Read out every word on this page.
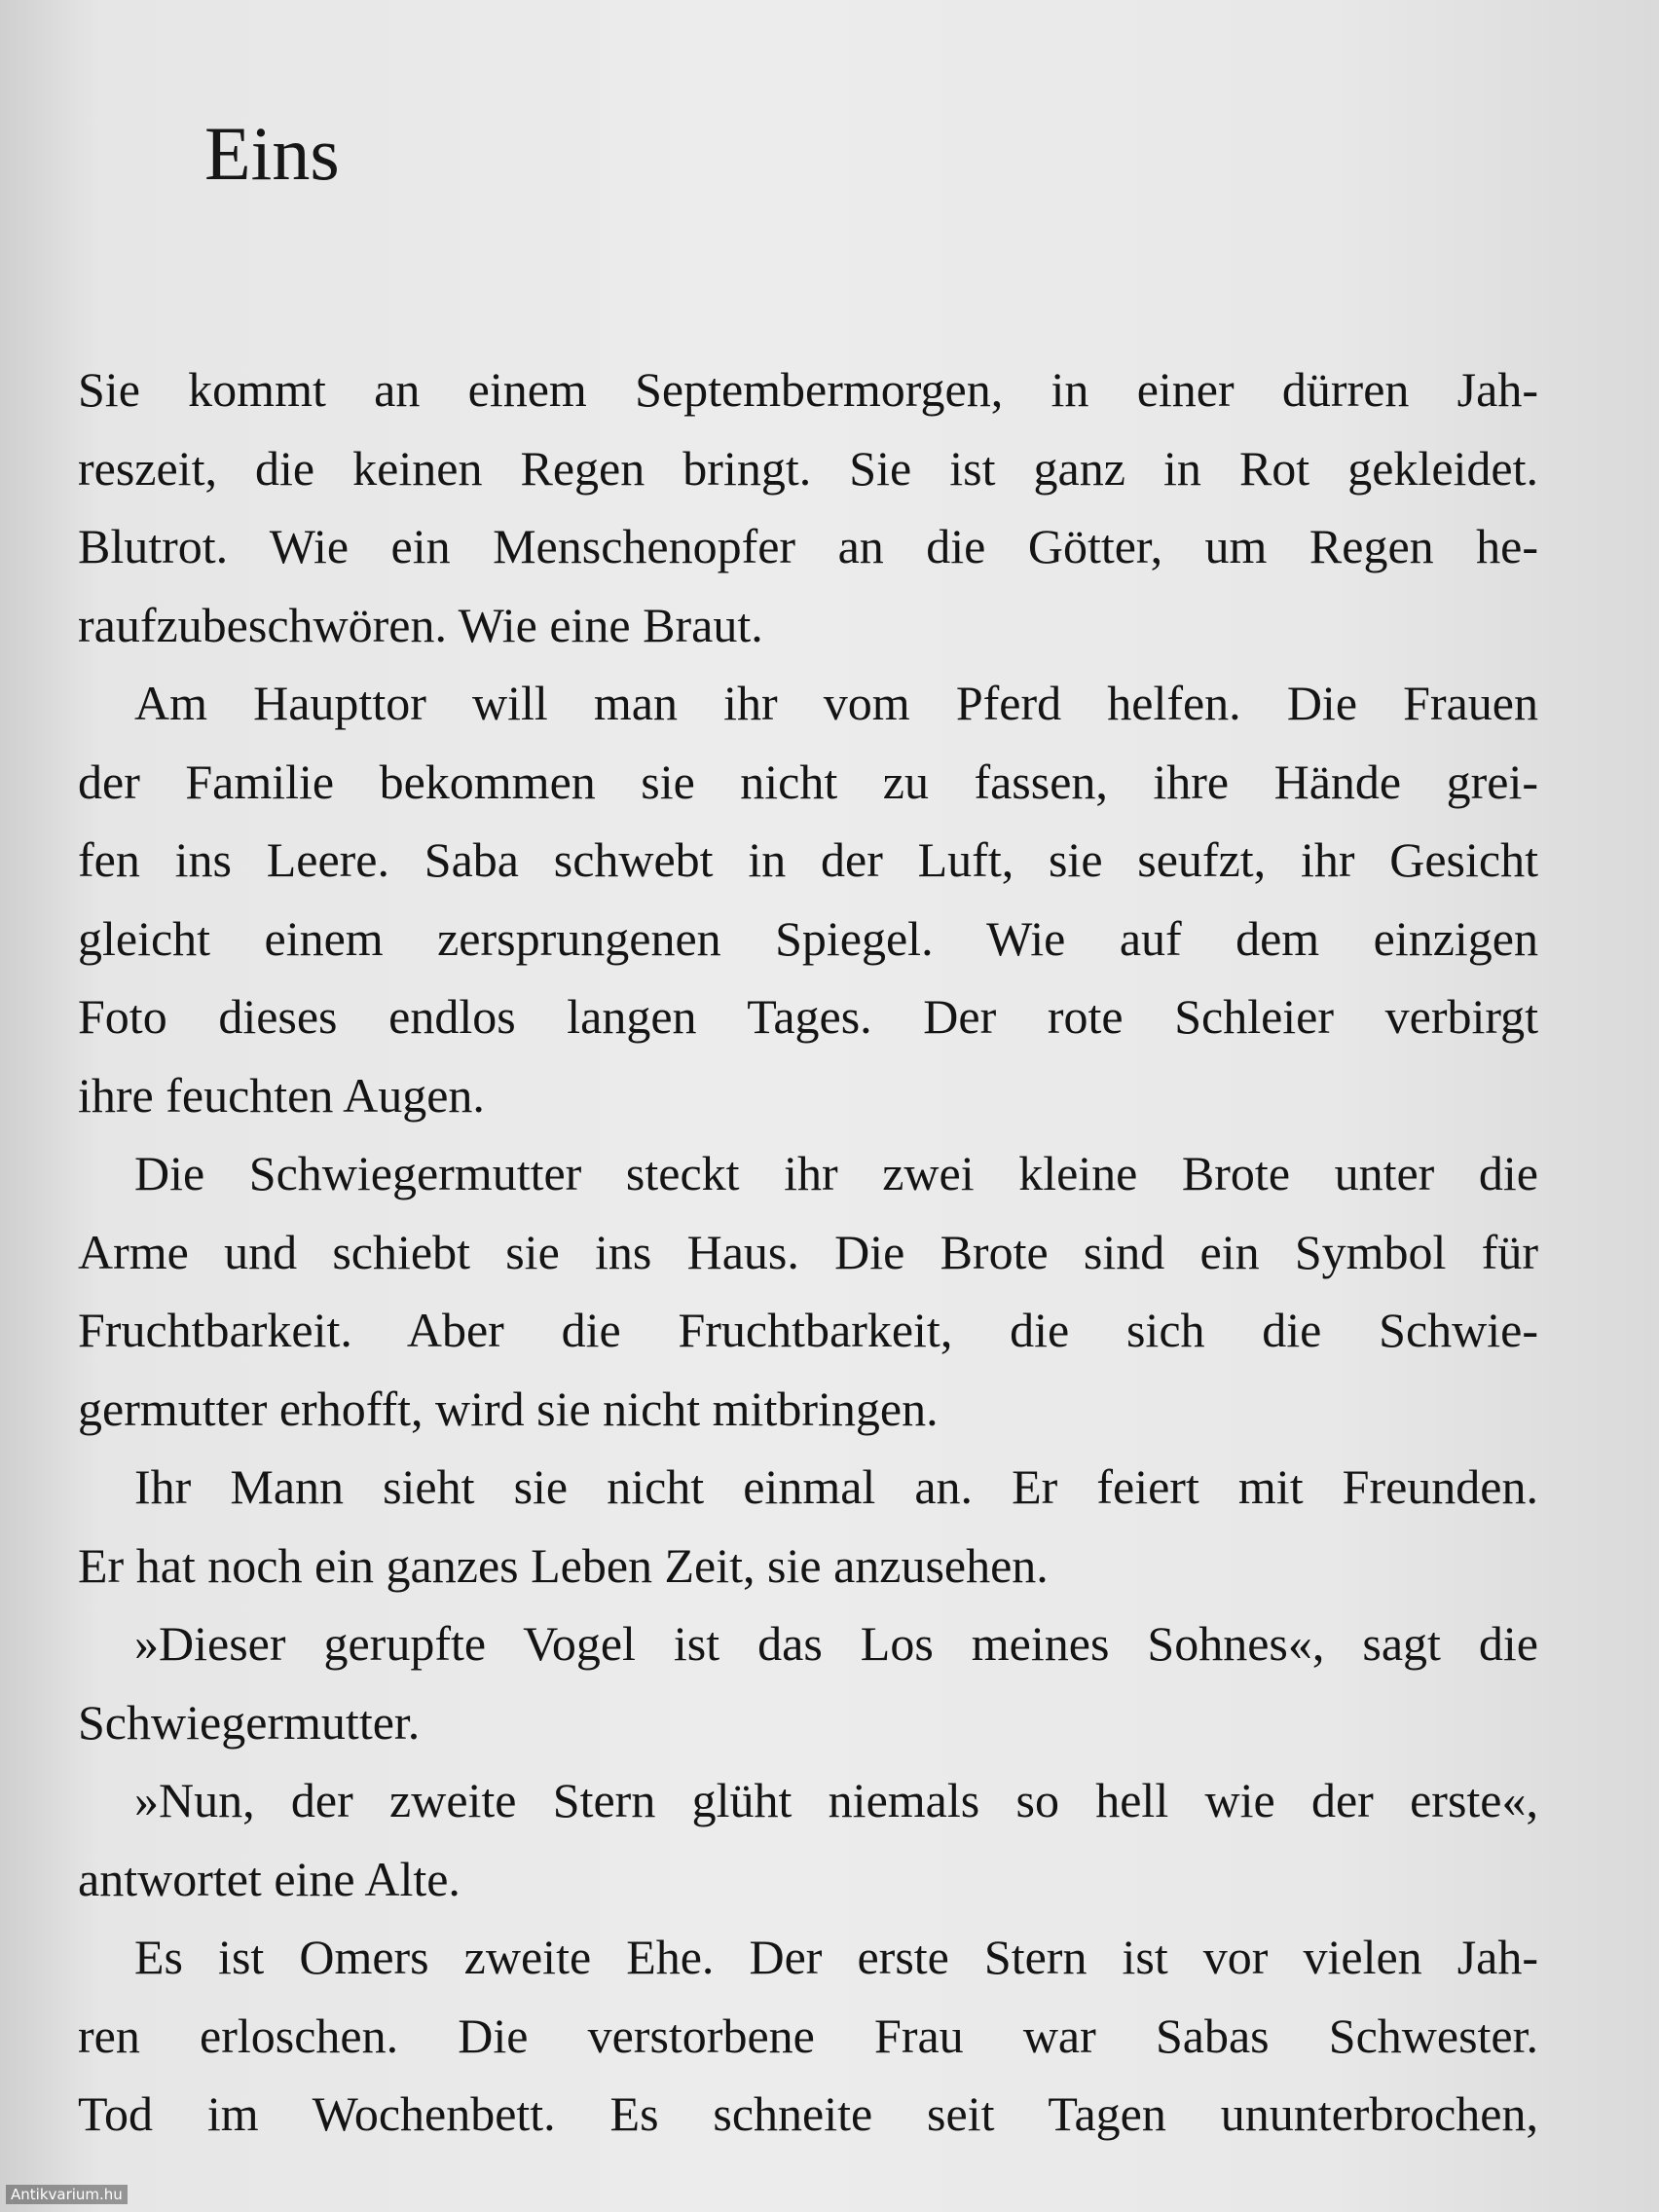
Eins
Sie kommt an einem Septembermorgen, in einer dürren Jah-
reszeit, die keinen Regen bringt. Sie ist ganz in Rot gekleidet.
Blutrot. Wie ein Menschenopfer an die Götter, um Regen he-
raufzubeschwören. Wie eine Braut.
Am Haupttor will man ihr vom Pferd helfen. Die Frauen
der Familie bekommen sie nicht zu fassen, ihre Hände grei-
fen ins Leere. Saba schwebt in der Luft, sie seufzt, ihr Gesicht
gleicht einem zersprungenen Spiegel. Wie auf dem einzigen
Foto dieses endlos langen Tages. Der rote Schleier verbirgt
ihre feuchten Augen.
Die Schwiegermutter steckt ihr zwei kleine Brote unter die
Arme und schiebt sie ins Haus. Die Brote sind ein Symbol für
Fruchtbarkeit. Aber die Fruchtbarkeit, die sich die Schwie-
germutter erhofft, wird sie nicht mitbringen.
Ihr Mann sieht sie nicht einmal an. Er feiert mit Freunden.
Er hat noch ein ganzes Leben Zeit, sie anzusehen.
»Dieser gerupfte Vogel ist das Los meines Sohnes«, sagt die
Schwiegermutter.
»Nun, der zweite Stern glüht niemals so hell wie der erste«,
antwortet eine Alte.
Es ist Omers zweite Ehe. Der erste Stern ist vor vielen Jah-
ren erloschen. Die verstorbene Frau war Sabas Schwester.
Tod im Wochenbett. Es schneite seit Tagen ununterbrochen,
Antikvarium.hu
